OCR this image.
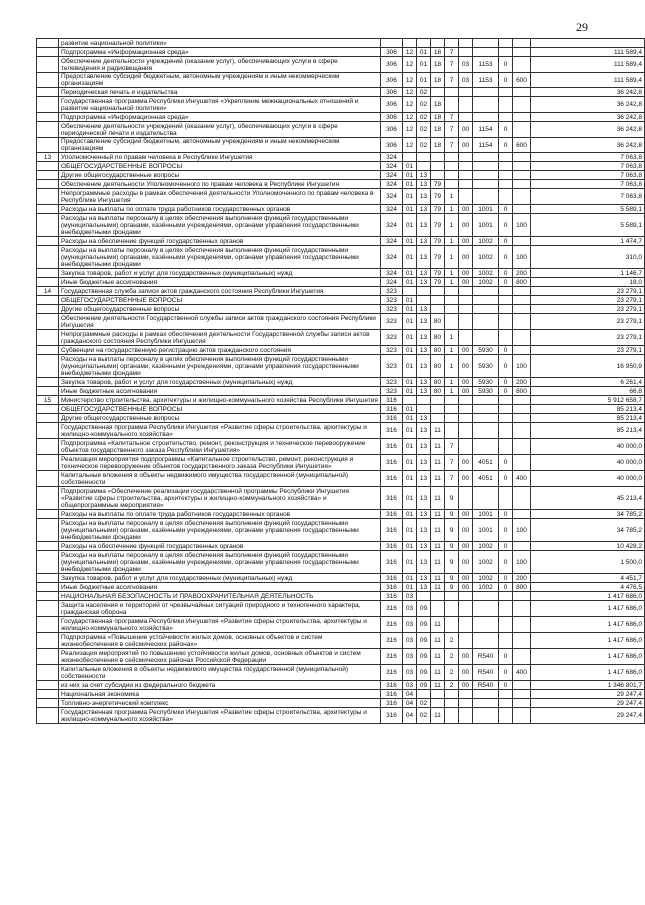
29
	развитие национальной политики»										
	Подпрограмма «Информационная среда»	306	12	01	18	7					111 589,4
	Обеспечение деятельности учреждений (оказание услуг), обеспечивающих услуги в сфере телевидения и радиовещания	306	12	01	18	7	03	1153	0		111 589,4
	Предоставление субсидий бюджетным, автономным учреждениям и иным некоммерческим организациям	306	12	01	18	7	03	1153	0	600	111 589,4
	Периодическая печать и издательства	306	12	02							36 242,8
	Государственная программа Республики Ингушетия «Укрепление межнациональных отношений и развитие национальной политики»	306	12	02	18						36 242,8
	Подпрограмма «Информационная среда»	306	12	02	18	7					36 242,8
	Обеспечение деятельности учреждений (оказание услуг), обеспечивающих услуги в сфере периодической печати и издательства	306	12	02	18	7	00	1154	0		36 242,8
	Предоставление субсидий бюджетным, автономным учреждениям и иным некоммерческим организациям	306	12	02	18	7	00	1154	0	600	36 242,8
13	Уполномоченный по правам человека в Республике Ингушетия	324									7 063,8
	ОБЩЕГОСУДАРСТВЕННЫЕ ВОПРОСЫ	324	01								7 063,8
	Другие общегосударственные вопросы	324	01	13							7 063,8
	Обеспечение деятельности Уполномоченного по правам человека в Республике Ингушетия	324	01	13	79						7 063,8
	Непрограммные расходы в рамках обеспечения деятельности Уполномоченного по правам человека в Республике Ингушетия	324	01	13	79	1					7 063,8
	Расходы на выплаты по оплате труда работников государственных органов	324	01	13	79	1	00	1001	0		5 589,1
	Расходы на выплаты персоналу в целях обеспечения выполнения функций государственными (муниципальными) органами, казёнными учреждениями, органами управления государственными внебюджетными фондами	324	01	13	79	1	00	1001	0	100	5 589,1
	Расходы на обеспечение функций государственных органов	324	01	13	79	1	00	1002	0		1 474,7
	Расходы на выплаты персоналу в целях обеспечения выполнения функций государственными (муниципальными) органами, казёнными учреждениями, органами управления государственными внебюджетными фондами	324	01	13	79	1	00	1002	0	100	310,0
	Закупка товаров, работ и услуг для государственных (муниципальных) нужд	324	01	13	79	1	00	1002	0	200	1 146,7
	Иные бюджетные ассигнования	324	01	13	79	1	00	1002	0	800	18,0
14	Государственная служба записи актов гражданского состояния Республики Ингушетия	323									23 279,1
	ОБЩЕГОСУДАРСТВЕННЫЕ ВОПРОСЫ	323	01								23 279,1
	Другие общегосударственные вопросы	323	01	13							23 279,1
	Обеспечение деятельности Государственной службы записи актов гражданского состояния Республики Ингушетия	323	01	13	80						23 279,1
	Непрограммные расходы в рамках обеспечения деятельности Государственной службы записи актов гражданского состояния Республики Ингушетия	323	01	13	80	1					23 279,1
	Субвенции на государственную регистрацию актов гражданского состояния	323	01	13	80	1	00	5930	0		23 279,1
	Расходы на выплаты персоналу в целях обеспечения выполнения функций государственными (муниципальными) органами, казёнными учреждениями, органами управления государственными внебюджетными фондами	323	01	13	80	1	00	5930	0	100	16 950,9
	Закупка товаров, работ и услуг для государственных (муниципальных) нужд	323	01	13	80	1	00	5930	0	200	6 261,4
	Иные бюджетные ассигнования	323	01	13	80	1	00	5930	0	800	66,8
15	Министерство строительства, архитектуры и жилищно-коммунального хозяйства Республики Ингушетия	316									5 912 658,7
	ОБЩЕГОСУДАРСТВЕННЫЕ ВОПРОСЫ	316	01								85 213,4
	Другие общегосударственные вопросы	316	01	13							85 213,4
	Государственная программа Республики Ингушетия «Развитие сферы строительства, архитектуры и жилищно-коммунального хозяйства»	316	01	13	11						85 213,4
	Подпрограмма «Капитальное строительство, ремонт, реконструкция и техническое перевооружение объектов государственного заказа Республики Ингушетия»	316	01	13	11	7					40 000,0
	Реализация мероприятия подпрограммы «Капитальное строительство, ремонт, реконструкция и техническое перевооружение объектов государственного заказа Республики Ингушетия»	316	01	13	11	7	00	4051	0		40 000,0
	Капитальные вложения в объекты недвижимого имущества государственной (муниципальной) собственности	316	01	13	11	7	00	4051	0	400	40 000,0
	Подпрограмма «Обеспечение реализации государственной программы Республики Ингушетия «Развитие сферы строительства, архитектуры и жилищно-коммунального хозяйства» и общепрограммные мероприятия»	316	01	13	11	9					45 213,4
	Расходы на выплаты по оплате труда работников государственных органов	316	01	13	11	9	00	1001	0		34 785,2
	Расходы на выплаты персоналу в целях обеспечения выполнения функций государственными (муниципальными) органами, казёнными учреждениями, органами управления государственными внебюджетными фондами	316	01	13	11	9	00	1001	0	100	34 785,2
	Расходы на обеспечение функций государственных органов	316	01	13	11	9	00	1002	0		10 428,2
	Расходы на выплаты персоналу в целях обеспечения выполнения функций государственными (муниципальными) органами, казёнными учреждениями, органами управления государственными внебюджетными фондами	316	01	13	11	9	00	1002	0	100	1 500,0
	Закупка товаров, работ и услуг для государственных (муниципальных) нужд	316	01	13	11	9	00	1002	0	200	4 451,7
	Иные бюджетные ассигнования	316	01	13	11	9	00	1002	0	800	4 476,5
	НАЦИОНАЛЬНАЯ БЕЗОПАСНОСТЬ И ПРАВООХРАНИТЕЛЬНАЯ ДЕЯТЕЛЬНОСТЬ	316	03								1 417 686,0
	Защита населения и территорий от чрезвычайных ситуаций природного и техногенного характера, гражданская оборона	316	03	09							1 417 686,0
	Государственная программа Республики Ингушетия «Развитие сферы строительства, архитектуры и жилищно-коммунального хозяйства»	316	03	09	11						1 417 686,0
	Подпрограмма «Повышение устойчивости жилых домов, основных объектов и систем жизнеобеспечения в сейсмических районах»	316	03	09	11	2					1 417 686,0
	Реализация мероприятий по повышению устойчивости жилых домов, основных объектов и систем жизнеобеспечения в сейсмических районах Российской Федерации	316	03	09	11	2	00	R540	0		1 417 686,0
	Капитальные вложения в объекты недвижимого имущества государственной (муниципальной) собственности	316	03	09	11	2	00	R540	0	400	1 417 686,0
	из них за счет субсидии из федерального бюджета	316	03	09	11	2	00	R540	0		1 346 801,7
	Национальная экономика	316	04								29 247,4
	Топливно-энергетический комплекс	316	04	02							29 247,4
	Государственная программа Республики Ингушетия «Развитие сферы строительства, архитектуры и жилищно-коммунального хозяйства»	316	04	02	11						29 247,4
